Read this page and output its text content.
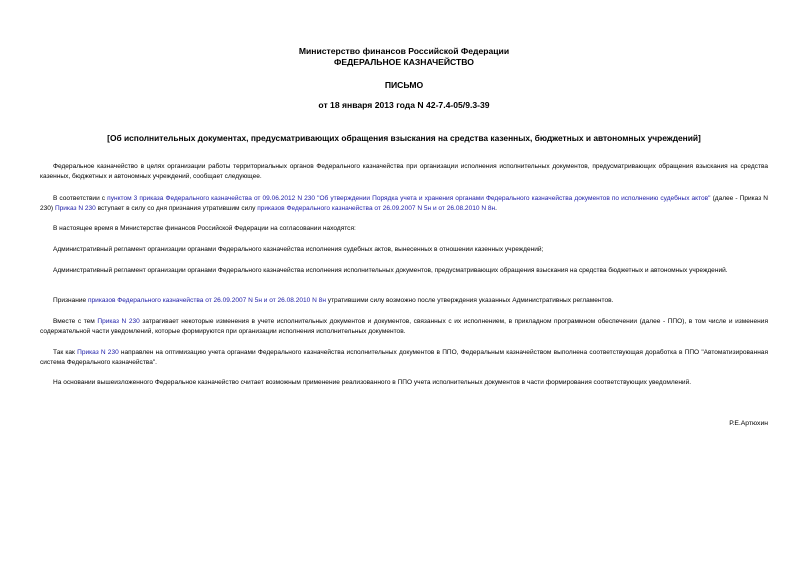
Министерство финансов Российской Федерации
ФЕДЕРАЛЬНОЕ КАЗНАЧЕЙСТВО
ПИСЬМО
от 18 января 2013 года N 42-7.4-05/9.3-39
[Об исполнительных документах, предусматривающих обращения взыскания на средства казенных, бюджетных и автономных учреждений]

Федеральное казначейство в целях организации работы территориальных органов Федерального казначейства при организации исполнения исполнительных документов, предусматривающих обращения взыскания на средства казенных, бюджетных и автономных учреждений, сообщает следующее.

В соответствии с пунктом 3 приказа Федерального казначейства от 09.06.2012 N 230 "Об утверждении Порядка учета и хранения органами Федерального казначейства документов по исполнению судебных актов" (далее - Приказ N 230) Приказ N 230 вступает в силу со дня признания утратившим силу приказов Федерального казначейства от 26.09.2007 N 5н и от 26.08.2010 N 8н.

В настоящее время в Министерстве финансов Российской Федерации на согласовании находятся:

Административный регламент организации органами Федерального казначейства исполнения судебных актов, вынесенных в отношении казенных учреждений;

Административный регламент организации органами Федерального казначейства исполнения исполнительных документов, предусматривающих обращения взыскания на средства бюджетных и автономных учреждений.

Признание приказов Федерального казначейства от 26.09.2007 N 5н и от 26.08.2010 N 8н утратившими силу возможно после утверждения указанных Административных регламентов.

Вместе с тем Приказ N 230 затрагивает некоторые изменения в учете исполнительных документов и документов, связанных с их исполнением, в прикладном программном обеспечении (далее - ППО), в том числе и изменения содержательной части уведомлений, которые формируются при организации исполнения исполнительных документов.

Так как Приказ N 230 направлен на оптимизацию учета органами Федерального казначейства исполнительных документов в ППО, Федеральным казначейством выполнена соответствующая доработка в ППО "Автоматизированная система Федерального казначейства".

На основании вышеизложенного Федеральное казначейство считает возможным применение реализованного в ППО учета исполнительных документов в части формирования соответствующих уведомлений.

Р.Е.Артюхин
